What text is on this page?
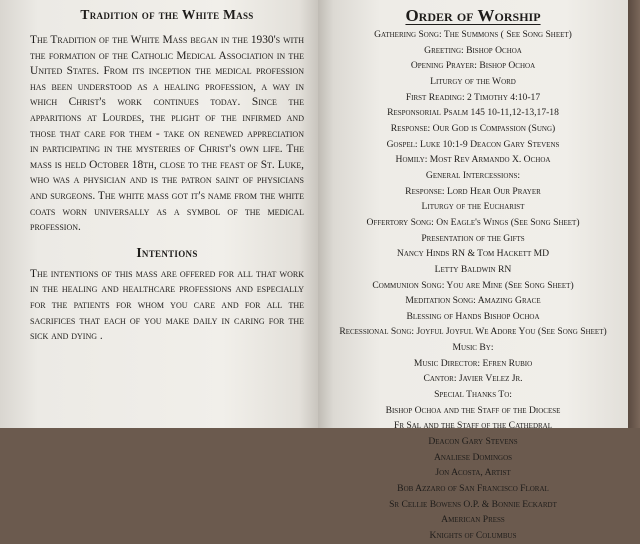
Tradition of the White Mass

The Tradition of the White Mass began in the 1930's with the formation of the Catholic Medical Association in the United States. From its inception the medical profession has been understood as a healing profession, a way in which Christ's work continues today. Since the apparitions at Lourdes, the plight of the infirmed and those that care for them - take on renewed appreciation in participating in the mysteries of Christ's own life. The mass is held October 18th, close to the feast of St. Luke, who was a physician and is the patron saint of physicians and surgeons. The white mass got it's name from the white coats worn universally as a symbol of the medical profession.

Intentions

The intentions of this mass are offered for all that work in the healing and healthcare professions and especially for the patients for whom you care and for all the sacrifices that each of you make daily in caring for the sick and dying .

Order of Worship
Gathering Song: The Summons ( See Song Sheet)
Greeting: Bishop Ochoa
Opening Prayer: Bishop Ochoa
Liturgy of the Word
First Reading: 2 Timothy 4:10-17
Responsorial Psalm 145 10-11,12-13,17-18
Response: Our God is Compassion (Sung)
Gospel: Luke 10:1-9 Deacon Gary Stevens
Homily: Most Rev Armando X. Ochoa
General Intercessions:
Response: Lord Hear Our Prayer
Liturgy of the Eucharist
Offertory Song: On Eagle's Wings (See Song Sheet)
Presentation of the Gifts
Nancy Hinds RN & Tom Hackett MD
Letty Baldwin RN
Communion Song: You are Mine (See Song Sheet)
Meditation Song: Amazing Grace
Blessing of Hands Bishop Ochoa
Recessional Song: Joyful Joyful We Adore You (See Song Sheet)
Music By:
Music Director: Efren Rubio
Cantor: Javier Velez Jr.
Special Thanks To:
Bishop Ochoa and the Staff of the Diocese
Fr Sal and the Staff of the Cathedral
Deacon Gary Stevens
Analiese Domingos
Jon Acosta, Artist
Bob Azzaro of San Francisco Floral
Sr Cellie Bowens O.P. & Bonnie Eckardt
American Press
Knights of Columbus
